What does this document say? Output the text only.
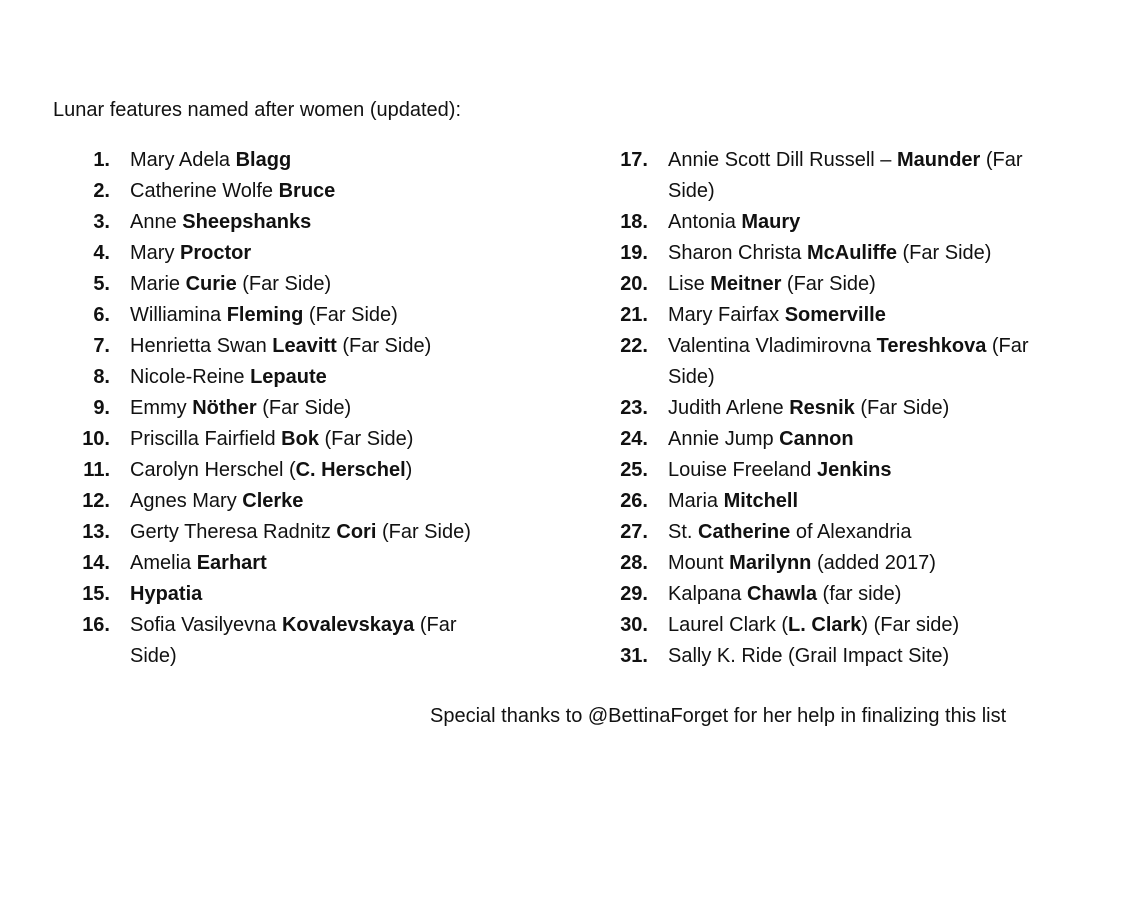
Lunar features named after women (updated):
1.	Mary Adela Blagg
2.	Catherine Wolfe Bruce
3.	Anne Sheepshanks
4.	Mary Proctor
5.	Marie Curie (Far Side)
6.	Williamina Fleming (Far Side)
7.	Henrietta Swan Leavitt (Far Side)
8.	Nicole-Reine Lepaute
9.	Emmy Nöther (Far Side)
10.	Priscilla Fairfield Bok (Far Side)
11.	Carolyn Herschel (C. Herschel)
12.	Agnes Mary Clerke
13.	Gerty Theresa Radnitz Cori (Far Side)
14.	Amelia Earhart
15.	Hypatia
16.	Sofia Vasilyevna Kovalevskaya (Far Side)
17.	Annie Scott Dill Russell – Maunder (Far Side)
18.	Antonia Maury
19.	Sharon Christa McAuliffe (Far Side)
20.	Lise Meitner (Far Side)
21.	Mary Fairfax Somerville
22.	Valentina Vladimirovna Tereshkova (Far Side)
23.	Judith Arlene Resnik (Far Side)
24.	Annie Jump Cannon
25.	Louise Freeland Jenkins
26.	Maria Mitchell
27.	St. Catherine of Alexandria
28.	Mount Marilynn (added 2017)
29.	Kalpana Chawla (far side)
30.	Laurel Clark (L. Clark) (Far side)
31.	Sally K. Ride (Grail Impact Site)
Special thanks to @BettinaForget for her help in finalizing this list
